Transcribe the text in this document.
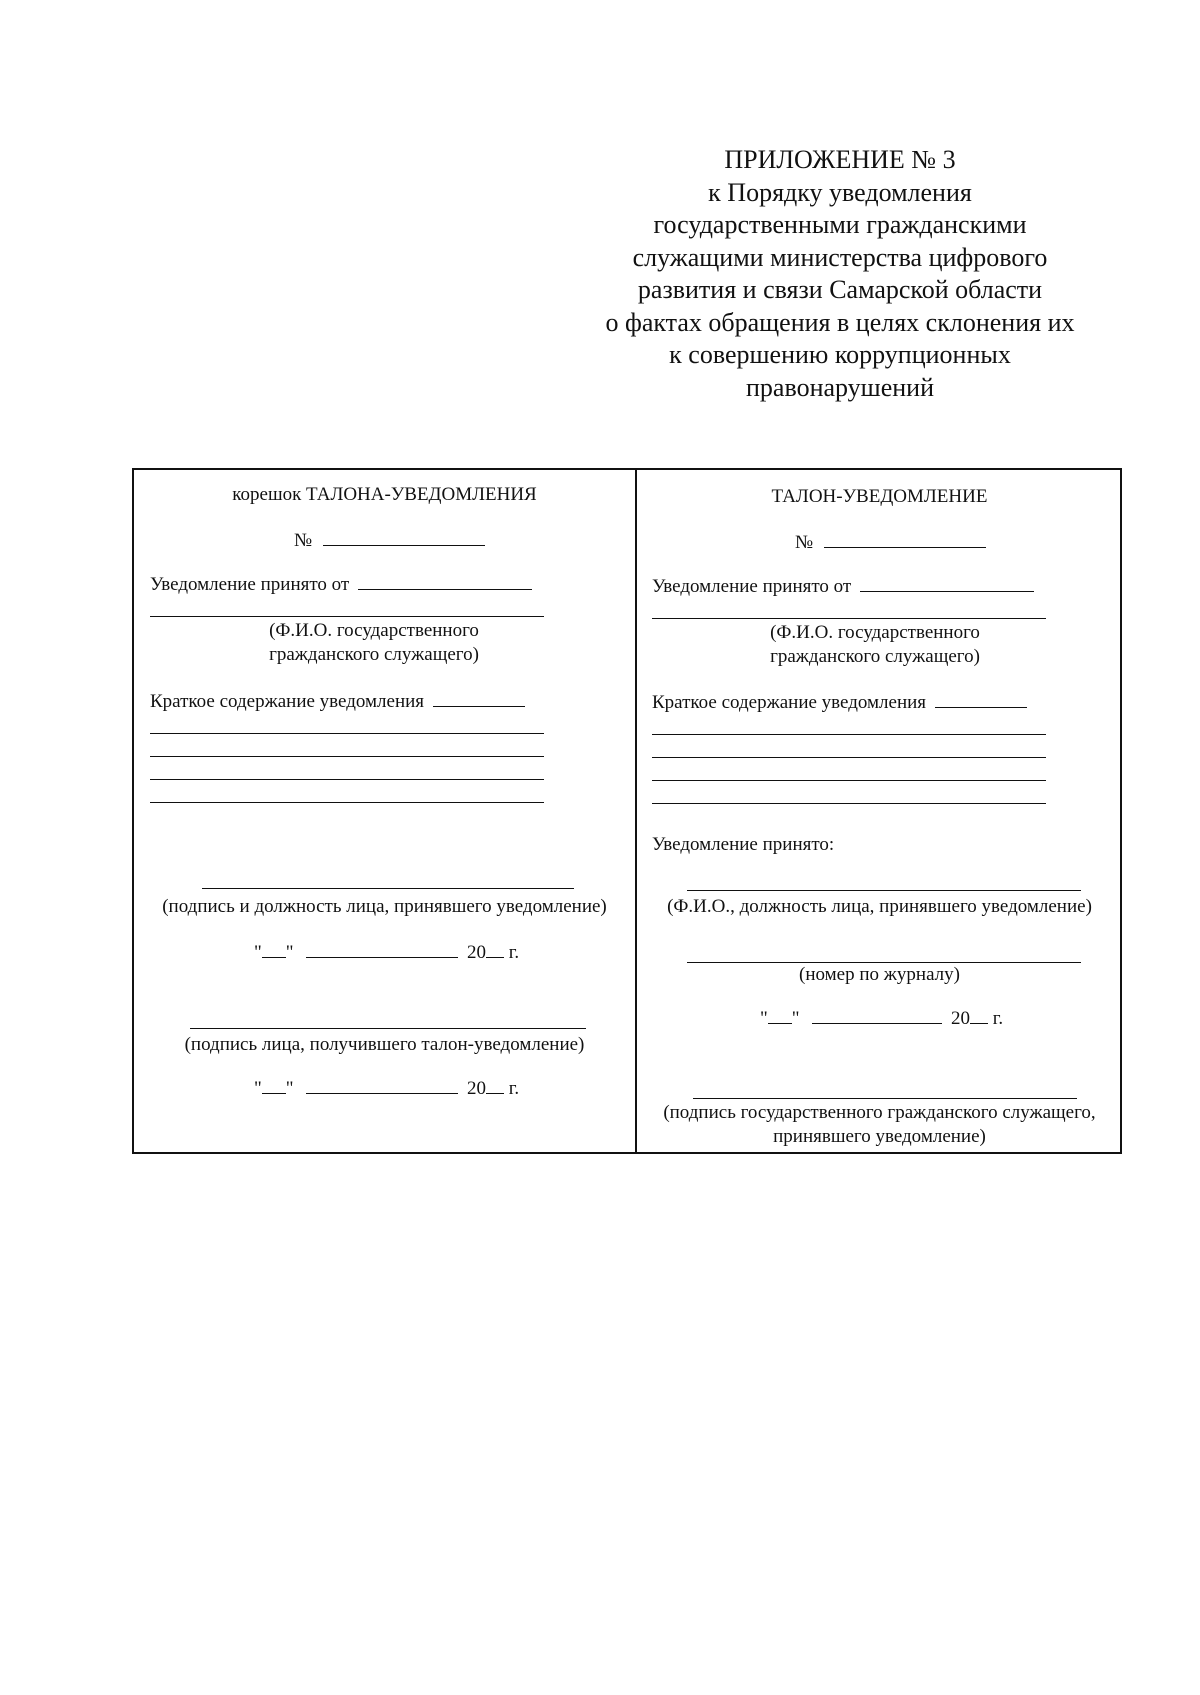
ПРИЛОЖЕНИЕ № 3
к Порядку уведомления
государственными гражданскими
служащими министерства цифрового
развития и связи Самарской области
о фактах обращения в целях склонения их
к совершению коррупционных
правонарушений
корешок ТАЛОНА-УВЕДОМЛЕНИЯ
№
Уведомление принято от
(Ф.И.О. государственного
гражданского служащего)
Краткое содержание уведомления
(подпись и должность лица, принявшего уведомление)
" "	20 г.
(подпись лица, получившего талон-уведомление)
" "	20 г.
ТАЛОН-УВЕДОМЛЕНИЕ
№
Уведомление принято от
(Ф.И.О. государственного
гражданского служащего)
Краткое содержание уведомления
Уведомление принято:
(Ф.И.О., должность лица, принявшего уведомление)
(номер по журналу)
" "	20 г.
(подпись государственного гражданского служащего,
принявшего уведомление)
